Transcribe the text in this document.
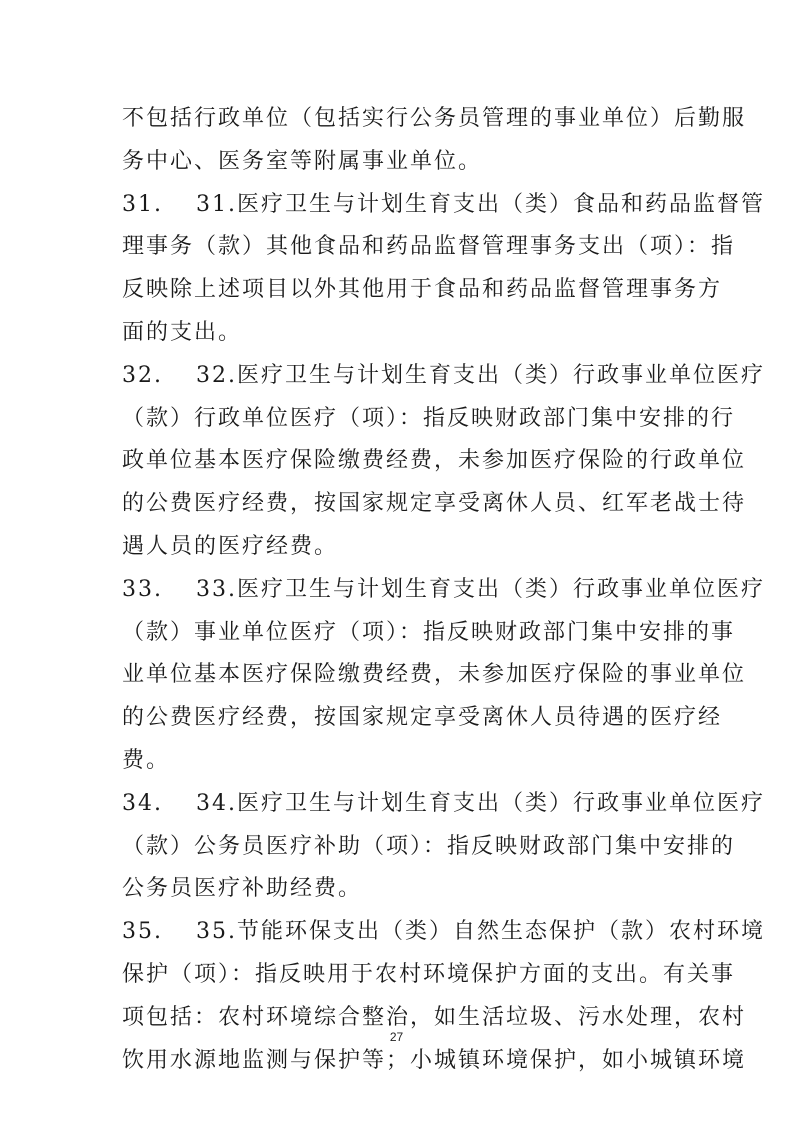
不包括行政单位（包括实行公务员管理的事业单位）后勤服
务中心、医务室等附属事业单位。
31.　 31.医疗卫生与计划生育支出（类）食品和药品监督管
理事务（款）其他食品和药品监督管理事务支出（项）：指
反映除上述项目以外其他用于食品和药品监督管理事务方
面的支出。
32.　 32.医疗卫生与计划生育支出（类）行政事业单位医疗
（款）行政单位医疗（项）：指反映财政部门集中安排的行
政单位基本医疗保险缴费经费，未参加医疗保险的行政单位
的公费医疗经费，按国家规定享受离休人员、红军老战士待
遇人员的医疗经费。
33.　 33.医疗卫生与计划生育支出（类）行政事业单位医疗
（款）事业单位医疗（项）：指反映财政部门集中安排的事
业单位基本医疗保险缴费经费，未参加医疗保险的事业单位
的公费医疗经费，按国家规定享受离休人员待遇的医疗经
费。
34.　 34.医疗卫生与计划生育支出（类）行政事业单位医疗
（款）公务员医疗补助（项）：指反映财政部门集中安排的
公务员医疗补助经费。
35.　 35.节能环保支出（类）自然生态保护（款）农村环境
保护（项）：指反映用于农村环境保护方面的支出。有关事
项包括：农村环境综合整治，如生活垃圾、污水处理，农村
饮用水源地监测与保护等；小城镇环境保护，如小城镇环境
27
